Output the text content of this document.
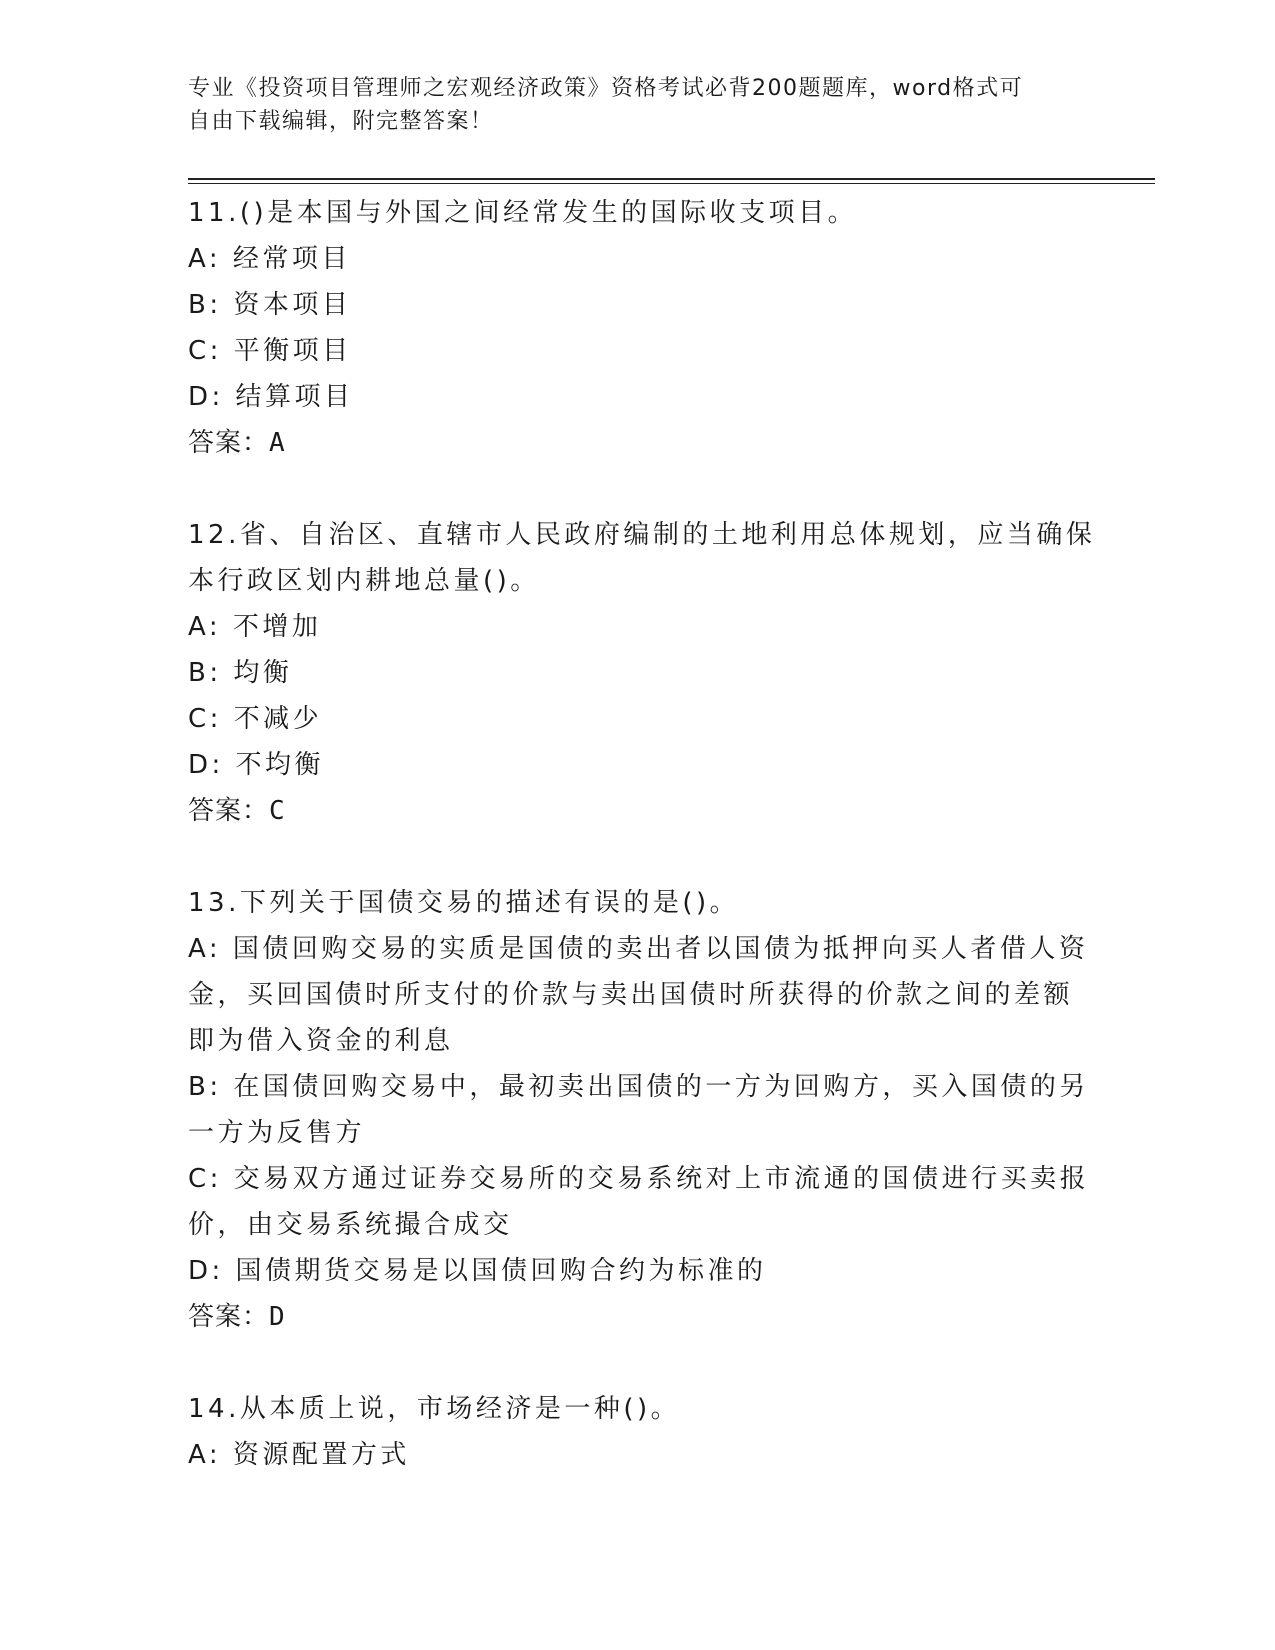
专业《投资项目管理师之宏观经济政策》资格考试必背200题题库，word格式可
自由下载编辑，附完整答案！
11.()是本国与外国之间经常发生的国际收支项目。
A: 经常项目
B: 资本项目
C: 平衡项目
D: 结算项目
答案：A
12.省、自治区、直辖市人民政府编制的土地利用总体规划，应当确保
本行政区划内耕地总量()。
A: 不增加
B: 均衡
C: 不减少
D: 不均衡
答案：C
13.下列关于国债交易的描述有误的是()。
A: 国债回购交易的实质是国债的卖出者以国债为抵押向买人者借人资
金，买回国债时所支付的价款与卖出国债时所获得的价款之间的差额
即为借入资金的利息
B: 在国债回购交易中，最初卖出国债的一方为回购方，买入国债的另
一方为反售方
C: 交易双方通过证券交易所的交易系统对上市流通的国债进行买卖报
价，由交易系统撮合成交
D: 国债期货交易是以国债回购合约为标准的
答案：D
14.从本质上说，市场经济是一种()。
A: 资源配置方式
